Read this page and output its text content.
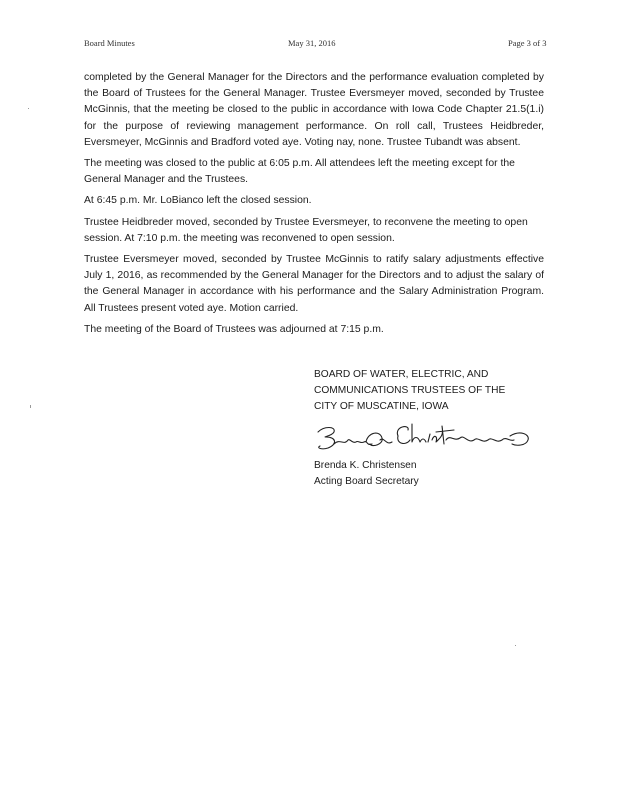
Board Minutes	May 31, 2016	Page 3 of 3

completed by the General Manager for the Directors and the performance evaluation completed by the Board of Trustees for the General Manager. Trustee Eversmeyer moved, seconded by Trustee McGinnis, that the meeting be closed to the public in accordance with Iowa Code Chapter 21.5(1.i) for the purpose of reviewing management performance. On roll call, Trustees Heidbreder, Eversmeyer, McGinnis and Bradford voted aye. Voting nay, none. Trustee Tubandt was absent.

The meeting was closed to the public at 6:05 p.m. All attendees left the meeting except for the General Manager and the Trustees.

At 6:45 p.m. Mr. LoBianco left the closed session.

Trustee Heidbreder moved, seconded by Trustee Eversmeyer, to reconvene the meeting to open session. At 7:10 p.m. the meeting was reconvened to open session.

Trustee Eversmeyer moved, seconded by Trustee McGinnis to ratify salary adjustments effective July 1, 2016, as recommended by the General Manager for the Directors and to adjust the salary of the General Manager in accordance with his performance and the Salary Administration Program. All Trustees present voted aye. Motion carried.

The meeting of the Board of Trustees was adjourned at 7:15 p.m.

BOARD OF WATER, ELECTRIC, AND
COMMUNICATIONS TRUSTEES OF THE
CITY OF MUSCATINE, IOWA
Brenda K. Christensen
Acting Board Secretary
